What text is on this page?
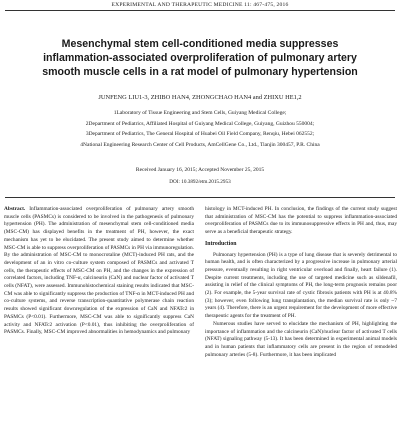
EXPERIMENTAL AND THERAPEUTIC MEDICINE 11: 467-475, 2016
Mesenchymal stem cell-conditioned media suppresses
inflammation-associated overproliferation of pulmonary artery
smooth muscle cells in a rat model of pulmonary hypertension
JUNFENG LIU1-3, ZHIBO HAN4, ZHONGCHAO HAN4 and ZHIXU HE1,2
1Laboratory of Tissue Engineering and Stem Cells, Guiyang Medical College;
2Department of Pediatrics, Affiliated Hospital of Guiyang Medical College, Guiyang, Guizhou 550004;
3Department of Pediatrics, The General Hospital of Huabei Oil Field Company, Renqiu, Hebei 062552;
4National Engineering Research Center of Cell Products, AmCellGene Co., Ltd., Tianjin 300457, P.R. China
Received January 16, 2015; Accepted November 25, 2015
DOI: 10.3892/etm.2015.2953

Abstract. Inflammation-associated overproliferation of pulmonary artery smooth muscle cells (PASMCs) is considered to be involved in the pathogenesis of pulmonary hypertension (PH). The administration of mesenchymal stem cell-conditioned media (MSC-CM) has displayed benefits in the treatment of PH, however, the exact mechanism has yet to be elucidated. The present study aimed to determine whether MSC-CM is able to suppress overproliferation of PASMCs in PH via immunoregulation. By the administration of MSC-CM to monocrotaline (MCT)-induced PH rats, and the development of an in vitro co-culture system composed of PASMCs and activated T cells, the therapeutic effects of MSC-CM on PH, and the changes in the expression of correlated factors, including TNF-α, calcineurin (CaN) and nuclear factor of activated T cells (NFAT), were assessed. Immunohistochemical staining results indicated that MSC-CM was able to significantly suppress the production of TNF-α in MCT-induced PH and co-culture systems, and reverse transcription-quantitative polymerase chain reaction results showed significant downregulation of the expression of CaN and NFATc2 in PASMCs (P<0.01). Furthermore, MSC-CM was able to significantly suppress CaN activity and NFATc2 activation (P<0.01), thus inhibiting the overproliferation of PASMCs. Finally, MSC-CM improved abnormalities in hemodynamics and pulmonary

histology in MCT-induced PH. In conclusion, the findings of the current study suggest that administration of MSC-CM has the potential to suppress inflammation-associated overproliferation of PASMCs due to its immunosuppressive effects in PH and, thus, may serve as a beneficial therapeutic strategy.

Introduction

Pulmonary hypertension (PH) is a type of lung disease that is severely detrimental to human health, and is often characterized by a progressive increase in pulmonary arterial pressure, eventually resulting in right ventricular overload and finally, heart failure (1). Despite current treatments, including the use of targeted medicine such as sildenafil, assisting in relief of the clinical symptoms of PH, the long-term prognosis remains poor (2). For example, the 5-year survival rate of cystic fibrosis patients with PH is at 40.8% (3); however, even following lung transplantation, the median survival rate is only ~7 years (4). Therefore, there is an urgent requirement for the development of more effective therapeutic agents for the treatment of PH.

Numerous studies have served to elucidate the mechanism of PH, highlighting the importance of inflammation and the calcineurin (CaN)/nuclear factor of activated T cells (NFAT) signaling pathway (5-13). It has been determined in experimental animal models and in human patients that inflammatory cells are present in the region of remodeled pulmonary arteries (5-8). Furthermore, it has been implicated
